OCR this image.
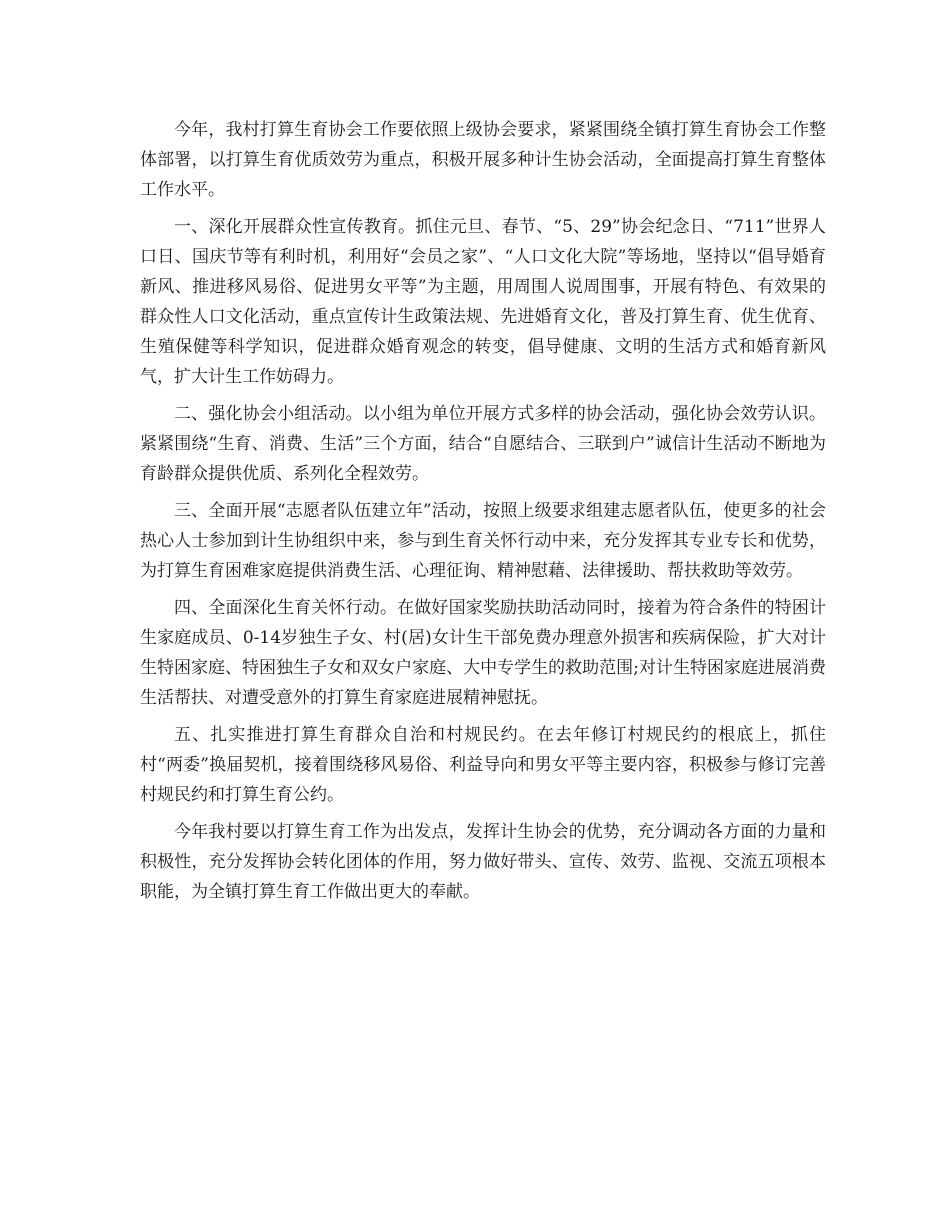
今年，我村打算生育协会工作要依照上级协会要求，紧紧围绕全镇打算生育协会工作整体部署，以打算生育优质效劳为重点，积极开展多种计生协会活动，全面提高打算生育整体工作水平。

一、深化开展群众性宣传教育。抓住元旦、春节、“5、29”协会纪念日、“711”世界人口日、国庆节等有利时机，利用好“会员之家”、“人口文化大院”等场地，坚持以“倡导婚育新风、推进移风易俗、促进男女平等”为主题，用周围人说周围事，开展有特色、有效果的群众性人口文化活动，重点宣传计生政策法规、先进婚育文化，普及打算生育、优生优育、生殖保健等科学知识，促进群众婚育观念的转变，倡导健康、文明的生活方式和婚育新风气，扩大计生工作妨碍力。

二、强化协会小组活动。以小组为单位开展方式多样的协会活动，强化协会效劳认识。紧紧围绕“生育、消费、生活”三个方面，结合“自愿结合、三联到户”诚信计生活动不断地为育龄群众提供优质、系列化全程效劳。

三、全面开展“志愿者队伍建立年”活动，按照上级要求组建志愿者队伍，使更多的社会热心人士参加到计生协组织中来，参与到生育关怀行动中来，充分发挥其专业专长和优势，为打算生育困难家庭提供消费生活、心理征询、精神慰藉、法律援助、帮扶救助等效劳。

四、全面深化生育关怀行动。在做好国家奖励扶助活动同时，接着为符合条件的特困计生家庭成员、0-14岁独生子女、村(居)女计生干部免费办理意外损害和疾病保险，扩大对计生特困家庭、特困独生子女和双女户家庭、大中专学生的救助范围;对计生特困家庭进展消费生活帮扶、对遭受意外的打算生育家庭进展精神慰抚。

五、扎实推进打算生育群众自治和村规民约。在去年修订村规民约的根底上，抓住村“两委”换届契机，接着围绕移风易俗、利益导向和男女平等主要内容，积极参与修订完善村规民约和打算生育公约。

今年我村要以打算生育工作为出发点，发挥计生协会的优势，充分调动各方面的力量和积极性，充分发挥协会转化团体的作用，努力做好带头、宣传、效劳、监视、交流五项根本职能，为全镇打算生育工作做出更大的奉献。
